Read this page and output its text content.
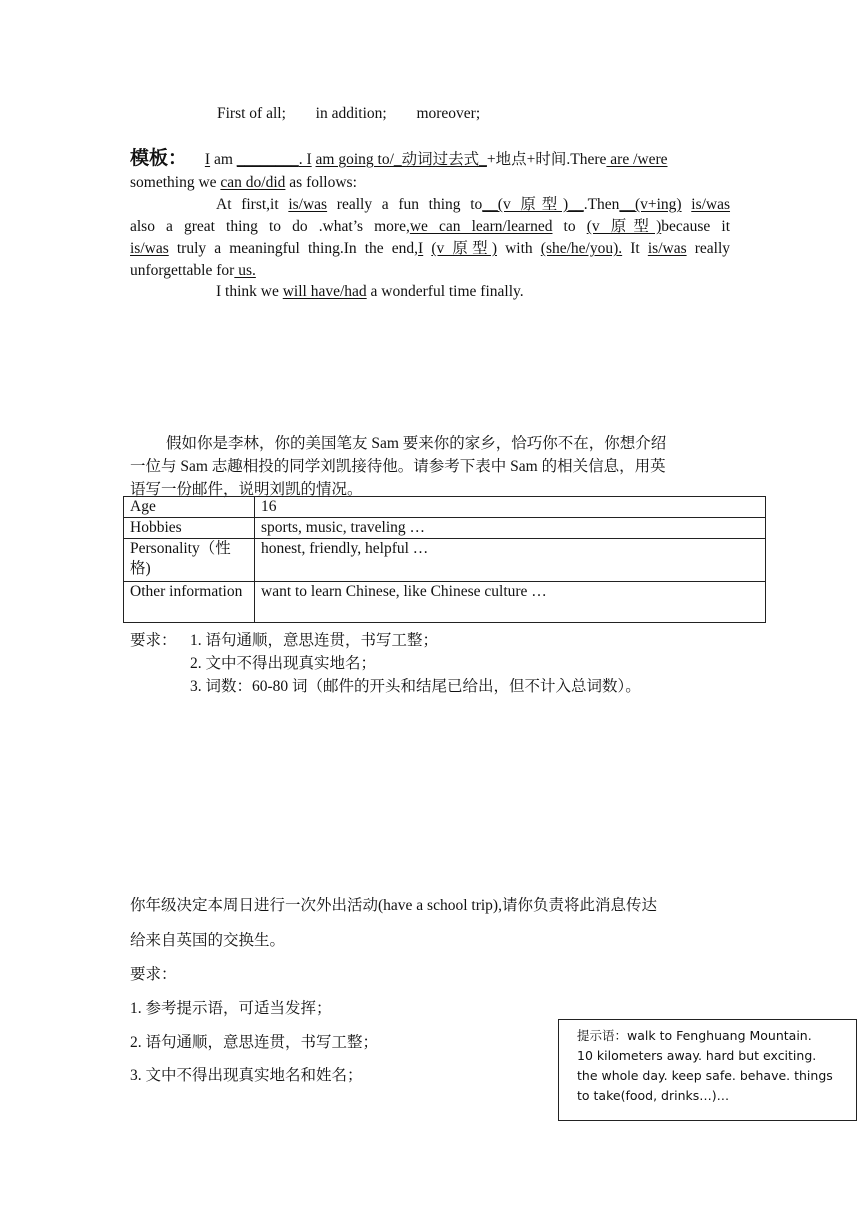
First of all; in addition; moreover;
模板： I am ________. I am going to/_动词过去式_+地点+时间.There are /were
something we can do/did as follows:
At first,it is/was really a fun thing to__(v 原型)__.Then__(v+ing) is/was
also a great thing to do .what’s more,we can learn/learned to (v 原型)because it
is/was truly a meaningful thing.In the end,I (v 原型) with (she/he/you). It is/was really
unforgettable for us.
I think we will have/had a wonderful time finally.
假如你是李林，你的美国笔友 Sam 要来你的家乡，恰巧你不在，你想介绍
一位与 Sam 志趣相投的同学刘凯接待他。请参考下表中 Sam 的相关信息，用英
语写一份邮件，说明刘凯的情况。
Age	16
Hobbies	sports, music, traveling …
Personality（性格)	honest, friendly, helpful …
Other information	want to learn Chinese, like Chinese culture …
要求： 1. 语句通顺，意思连贯，书写工整；
2. 文中不得出现真实地名；
3. 词数：60-80 词（邮件的开头和结尾已给出，但不计入总词数）。
你年级决定本周日进行一次外出活动(have a school trip),请你负责将此消息传达
给来自英国的交换生。
要求：
1. 参考提示语，可适当发挥；
2. 语句通顺，意思连贯，书写工整；
3. 文中不得出现真实地名和姓名；
提示语：walk to Fenghuang Mountain.
10 kilometers away. hard but exciting.
the whole day. keep safe. behave. things
to take(food, drinks…)…
